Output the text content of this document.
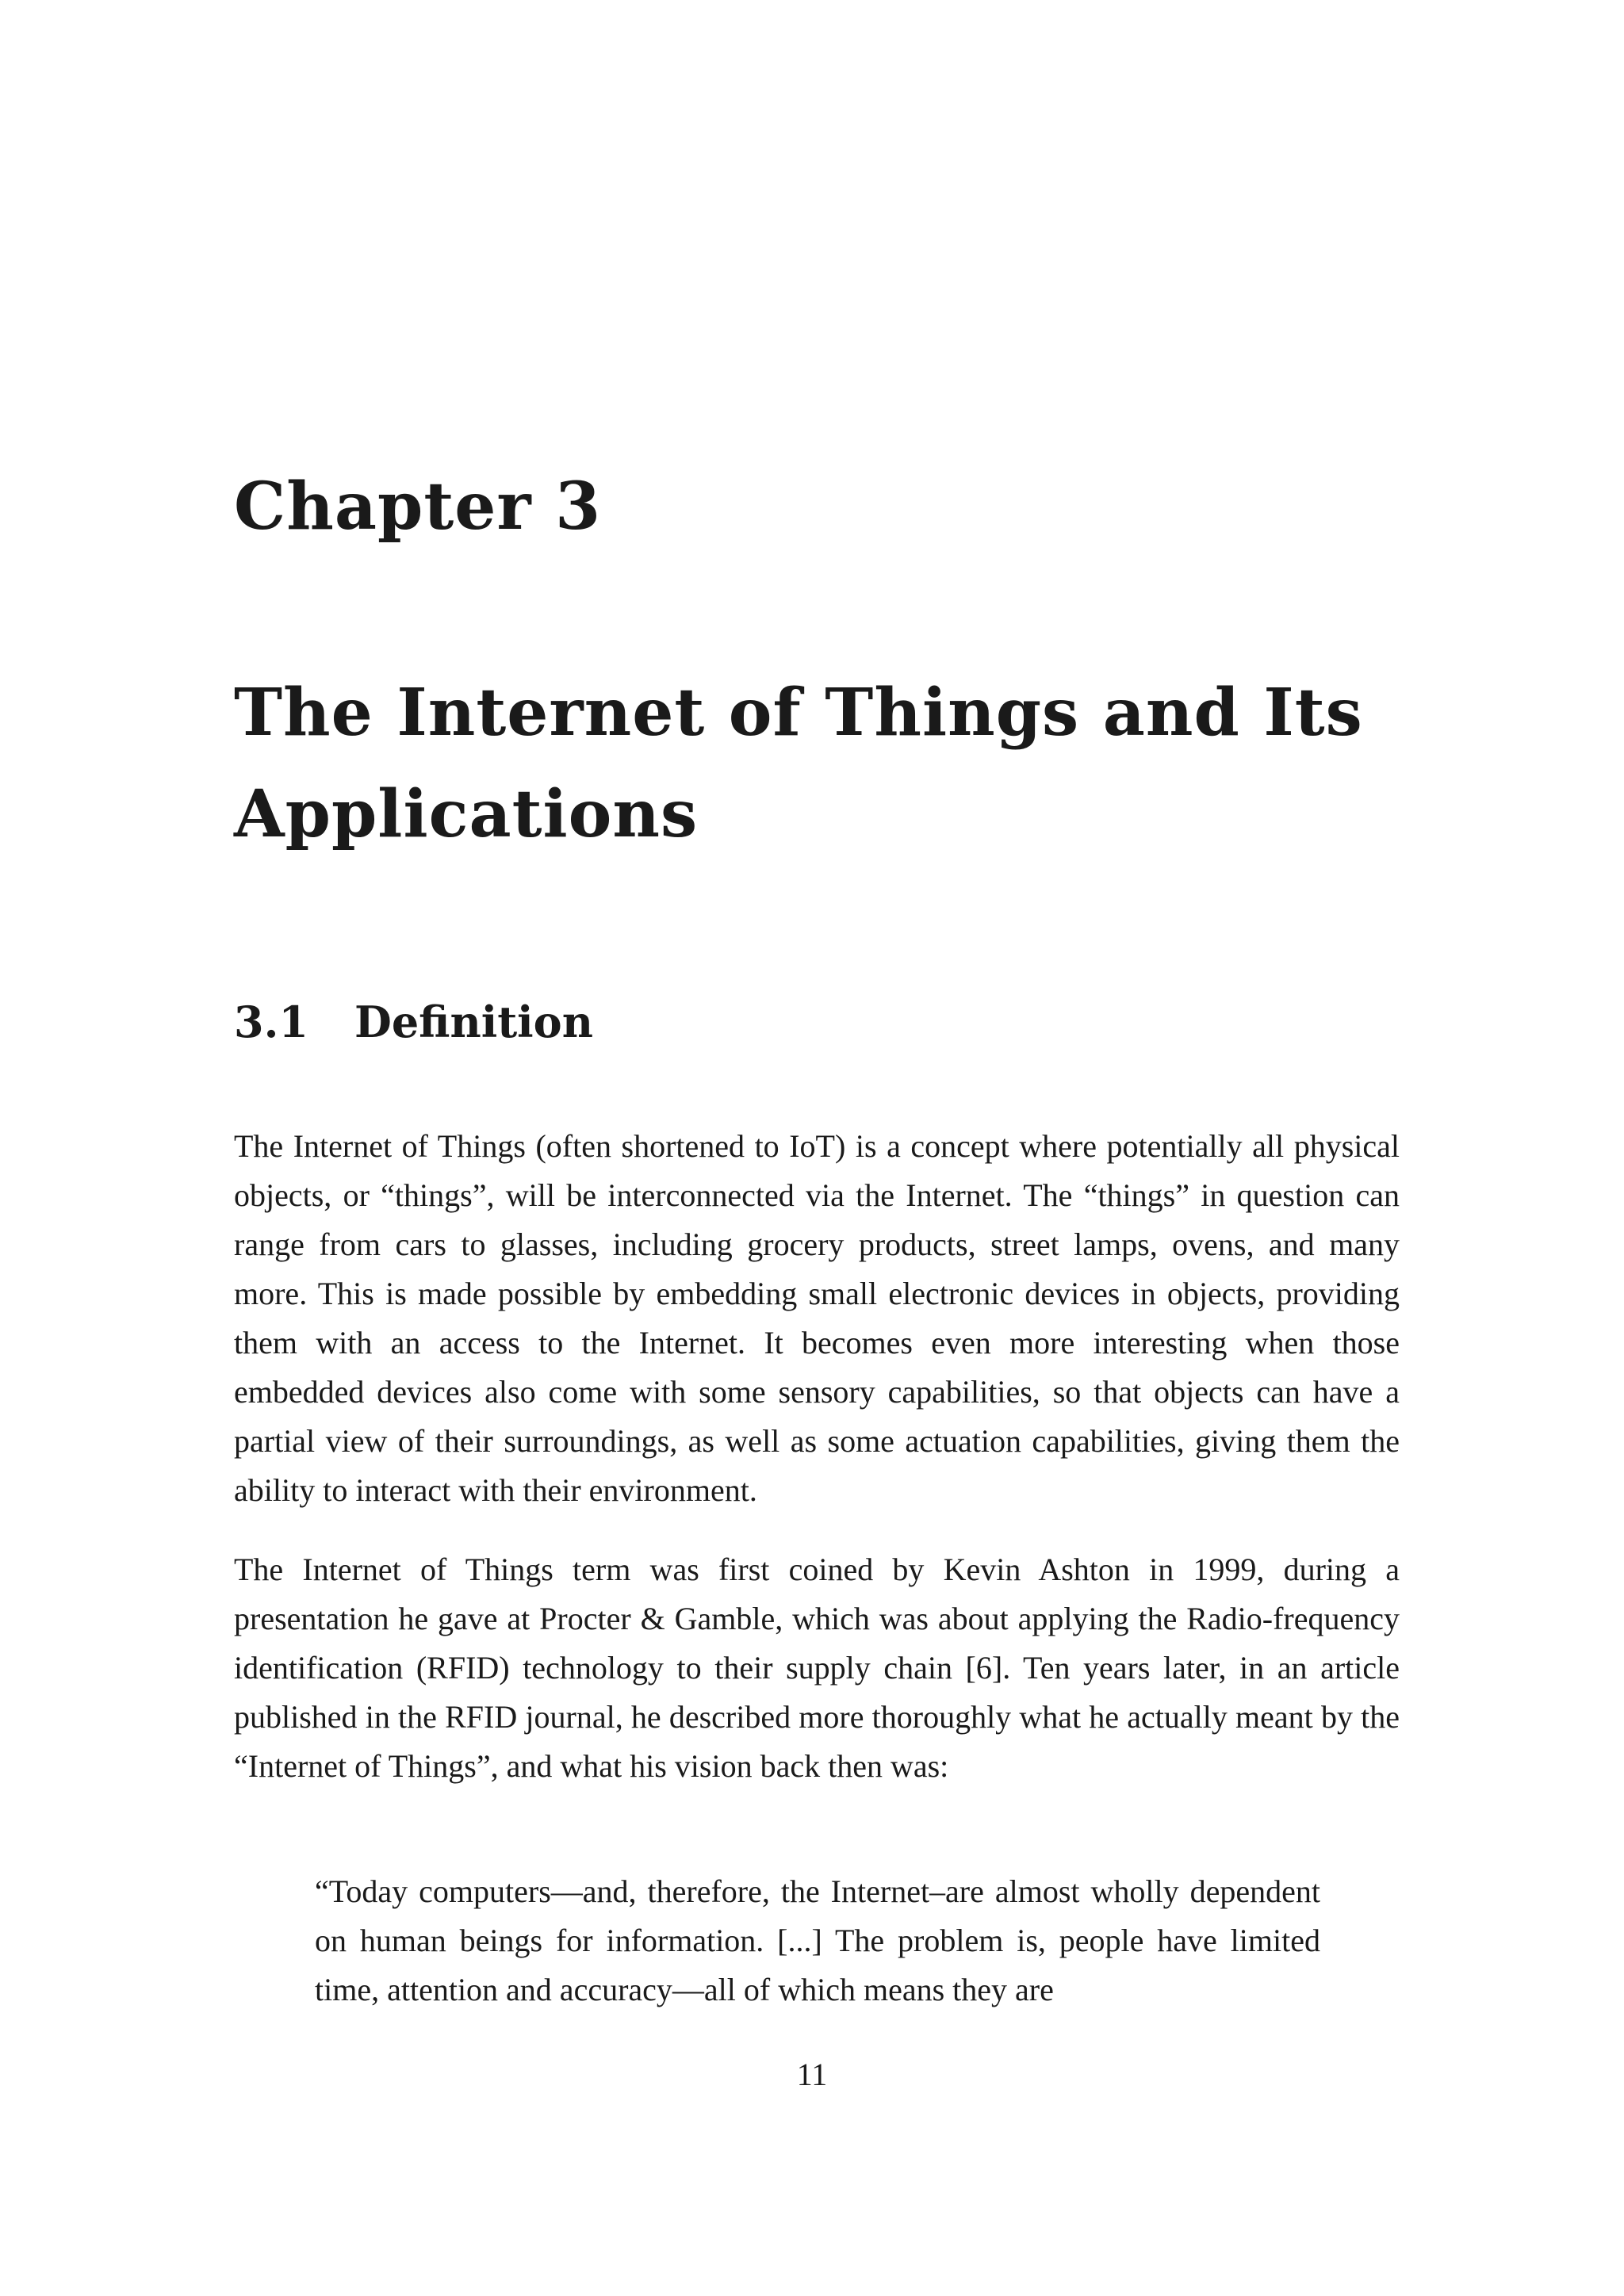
Chapter 3
The Internet of Things and Its Applications
3.1 Definition

The Internet of Things (often shortened to IoT) is a concept where potentially all physical objects, or “things”, will be interconnected via the Internet. The “things” in question can range from cars to glasses, including grocery products, street lamps, ovens, and many more. This is made possible by embedding small electronic devices in objects, providing them with an access to the Internet. It becomes even more interesting when those embedded devices also come with some sensory capabilities, so that objects can have a partial view of their surroundings, as well as some actuation capabilities, giving them the ability to interact with their environment.

The Internet of Things term was first coined by Kevin Ashton in 1999, during a presentation he gave at Procter & Gamble, which was about applying the Radio-frequency identification (RFID) technology to their supply chain [6]. Ten years later, in an article published in the RFID journal, he described more thoroughly what he actually meant by the “Internet of Things”, and what his vision back then was:

“Today computers—and, therefore, the Internet–are almost wholly dependent on human beings for information. [...] The problem is, people have limited time, attention and accuracy—all of which means they are
11
